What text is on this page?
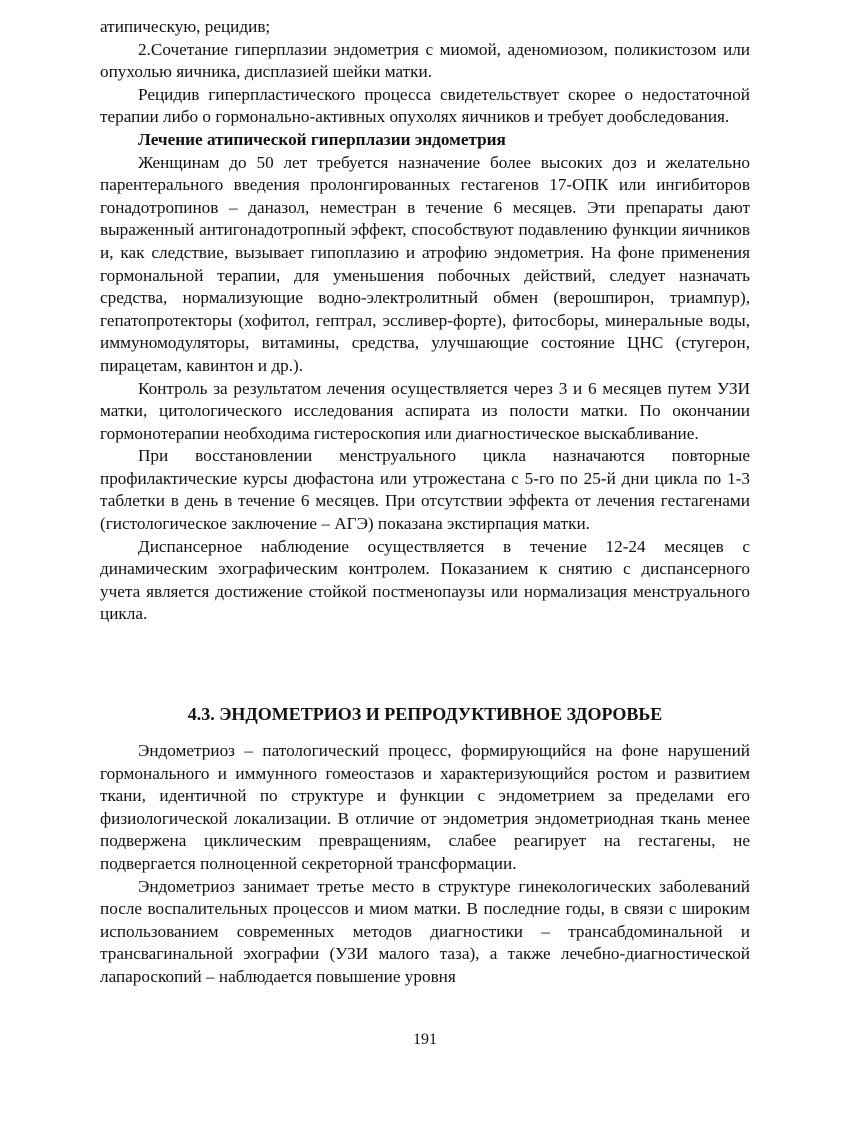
атипическую, рецидив;

2.Сочетание гиперплазии эндометрия с миомой, аденомиозом, поликистозом или опухолью яичника, дисплазией шейки матки.

Рецидив гиперпластического процесса свидетельствует скорее о недостаточной терапии либо о гормонально-активных опухолях яичников и требует дообследования.

Лечение атипической гиперплазии эндометрия

Женщинам до 50 лет требуется назначение более высоких доз и желательно парентерального введения пролонгированных гестагенов 17-ОПК или ингибиторов гонадотропинов – даназол, неместран в течение 6 месяцев. Эти препараты дают выраженный антигонадотропный эффект, способствуют подавлению функции яичников и, как следствие, вызывает гипоплазию и атрофию эндометрия. На фоне применения гормональной терапии, для уменьшения побочных действий, следует назначать средства, нормализующие водно-электролитный обмен (верошпирон, триампур), гепатопротекторы (хофитол, гептрал, эссливер-форте), фитосборы, минеральные воды, иммуномодуляторы, витамины, средства, улучшающие состояние ЦНС (стугерон, пирацетам, кавинтон и др.).

Контроль за результатом лечения осуществляется через 3 и 6 месяцев путем УЗИ матки, цитологического исследования аспирата из полости матки. По окончании гормонотерапии необходима гистероскопия или диагностическое выскабливание.

При восстановлении менструального цикла назначаются повторные профилактические курсы дюфастона или утрожестана с 5-го по 25-й дни цикла по 1-3 таблетки в день в течение 6 месяцев. При отсутствии эффекта от лечения гестагенами (гистологическое заключение – АГЭ) показана экстирпация матки.

Диспансерное наблюдение осуществляется в течение 12-24 месяцев с динамическим эхографическим контролем. Показанием к снятию с диспансерного учета является достижение стойкой постменопаузы или нормализация менструального цикла.

4.3. ЭНДОМЕТРИОЗ И РЕПРОДУКТИВНОЕ ЗДОРОВЬЕ

Эндометриоз – патологический процесс, формирующийся на фоне нарушений гормонального и иммунного гомеостазов и характеризующийся ростом и развитием ткани, идентичной по структуре и функции с эндометрием за пределами его физиологической локализации. В отличие от эндометрия эндометриодная ткань менее подвержена циклическим превращениям, слабее реагирует на гестагены, не подвергается полноценной секреторной трансформации.

Эндометриоз занимает третье место в структуре гинекологических заболеваний после воспалительных процессов и миом матки. В последние годы, в связи с широким использованием современных методов диагностики – трансабдоминальной и трансвагинальной эхографии (УЗИ малого таза), а также лечебно-диагностической лапароскопий – наблюдается повышение уровня

191
